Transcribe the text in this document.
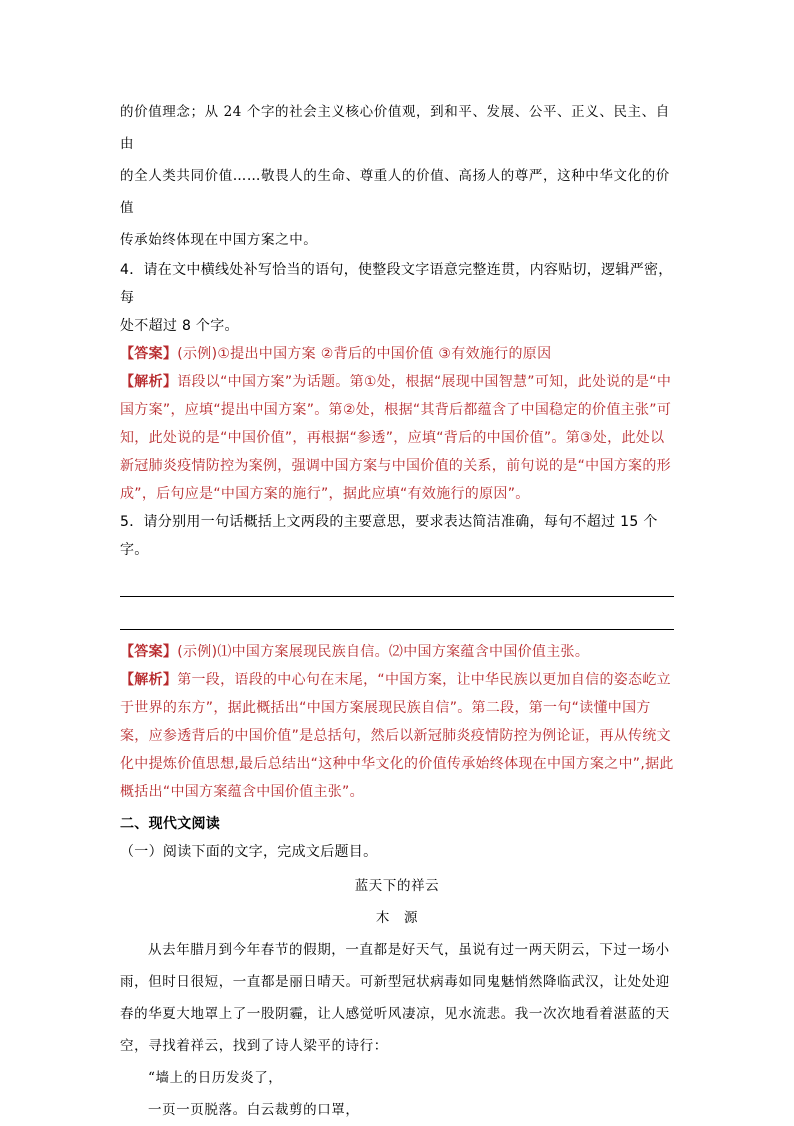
的价值理念；从 24 个字的社会主义核心价值观，到和平、发展、公平、正义、民主、自由

的全人类共同价值……敬畏人的生命、尊重人的价值、高扬人的尊严，这种中华文化的价值

传承始终体现在中国方案之中。

4．请在文中横线处补写恰当的语句，使整段文字语意完整连贯，内容贴切，逻辑严密，每

处不超过 8 个字。

【答案】(示例)①提出中国方案 ②背后的中国价值 ③有效施行的原因

【解析】语段以“中国方案”为话题。第①处，根据“展现中国智慧”可知，此处说的是“中国方案”，应填“提出中国方案”。第②处，根据“其背后都蕴含了中国稳定的价值主张”可知，此处说的是“中国价值”，再根据“参透”，应填“背后的中国价值”。第③处，此处以新冠肺炎疫情防控为案例，强调中国方案与中国价值的关系，前句说的是“中国方案的形成”，后句应是“中国方案的施行”，据此应填“有效施行的原因”。

5．请分别用一句话概括上文两段的主要意思，要求表达简洁准确，每句不超过 15 个字。

【答案】(示例)⑴中国方案展现民族自信。⑵中国方案蕴含中国价值主张。

【解析】第一段，语段的中心句在末尾，“中国方案，让中华民族以更加自信的姿态屹立于世界的东方”，据此概括出“中国方案展现民族自信”。第二段，第一句“读懂中国方案，应参透背后的中国价值”是总括句，然后以新冠肺炎疫情防控为例论证，再从传统文化中提炼价值思想,最后总结出“这种中华文化的价值传承始终体现在中国方案之中”,据此概括出“中国方案蕴含中国价值主张”。

二、现代文阅读

（一）阅读下面的文字，完成文后题目。

蓝天下的祥云

木　源

从去年腊月到今年春节的假期，一直都是好天气，虽说有过一两天阴云，下过一场小雨，但时日很短，一直都是丽日晴天。可新型冠状病毒如同鬼魅悄然降临武汉，让处处迎春的华夏大地罩上了一股阴霾，让人感觉听风凄凉，见水流悲。我一次次地看着湛蓝的天空，寻找着祥云，找到了诗人梁平的诗行：

“墙上的日历发炎了，

一页一页脱落。白云裁剪的口罩，
